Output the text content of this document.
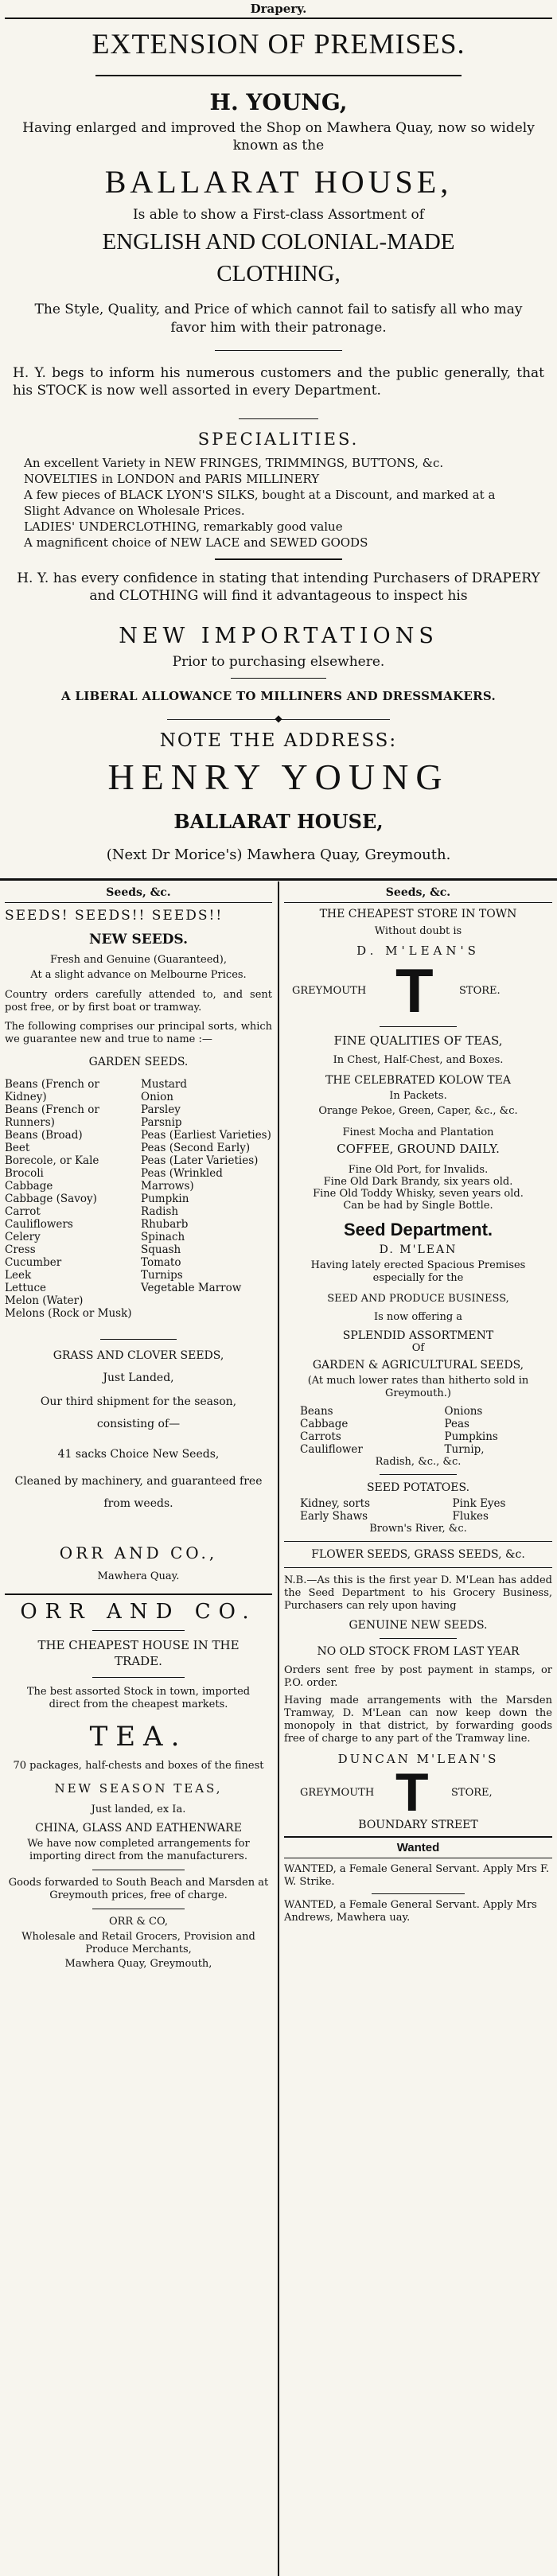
Drapery.
EXTENSION OF PREMISES.
H. YOUNG,
Having enlarged and improved the Shop on Mawhera Quay, now so widely known as the
BALLARAT HOUSE,
Is able to show a First-class Assortment of
ENGLISH AND COLONIAL-MADE
CLOTHING,
The Style, Quality, and Price of which cannot fail to satisfy all who may favor him with their patronage.
H. Y. begs to inform his numerous customers and the public generally, that his STOCK is now well assorted in every Department.
SPECIALITIES.
An excellent Variety in NEW FRINGES, TRIMMINGS, BUTTONS, &c.
NOVELTIES in LONDON and PARIS MILLINERY
A few pieces of BLACK LYON'S SILKS, bought at a Discount, and marked at a Slight Advance on Wholesale Prices.
LADIES' UNDERCLOTHING, remarkably good value
A magnificent choice of NEW LACE and SEWED GOODS
H. Y. has every confidence in stating that intending Purchasers of DRAPERY and CLOTHING will find it advantageous to inspect his
NEW IMPORTATIONS
Prior to purchasing elsewhere.
A LIBERAL ALLOWANCE TO MILLINERS AND DRESSMAKERS.
◆
NOTE THE ADDRESS:
HENRY YOUNG
BALLARAT HOUSE,
(Next Dr Morice's) Mawhera Quay, Greymouth.
Seeds, &c.
SEEDS! SEEDS!! SEEDS!!
NEW SEEDS.
Fresh and Genuine (Guaranteed),
At a slight advance on Melbourne Prices.
Country orders carefully attended to, and sent post free, or by first boat or tramway.
The following comprises our principal sorts, which we guarantee new and true to name :—
GARDEN SEEDS.
Beans (French or Kidney)
Beans (French or Runners)
Beans (Broad)
Beet
Borecole, or Kale
Brocoli
Cabbage
Cabbage (Savoy)
Carrot
Cauliflowers
Celery
Cress
Cucumber
Leek
Lettuce
Melon (Water)
Melons (Rock or Musk)
Mustard
Onion
Parsley
Parsnip
Peas (Earliest Varieties)
Peas (Second Early)
Peas (Later Varieties)
Peas (Wrinkled Marrows)
Pumpkin
Radish
Rhubarb
Spinach
Squash
Tomato
Turnips
Vegetable Marrow
GRASS AND CLOVER SEEDS,
Just Landed,
Our third shipment for the season, consisting of—
41 sacks Choice New Seeds,
Cleaned by machinery, and guaranteed free from weeds.
ORR AND CO.,
Mawhera Quay.
ORR AND CO.
THE CHEAPEST HOUSE IN THE TRADE.
The best assorted Stock in town, imported direct from the cheapest markets.
TEA.
70 packages, half-chests and boxes of the finest
NEW SEASON TEAS,
Just landed, ex Ia.
CHINA, GLASS AND EATHENWARE
We have now completed arrangements for importing direct from the manufacturers.
Goods forwarded to South Beach and Marsden at Greymouth prices, free of charge.
ORR & CO,
Wholesale and Retail Grocers, Provision and Produce Merchants,
Mawhera Quay, Greymouth,
Seeds, &c.
THE CHEAPEST STORE IN TOWN
Without doubt is
D. M'LEAN'S
GREYMOUTH T STORE.
FINE QUALITIES OF TEAS,
In Chest, Half-Chest, and Boxes.
THE CELEBRATED KOLOW TEA
In Packets.
Orange Pekoe, Green, Caper, &c., &c.
Finest Mocha and Plantation
COFFEE, GROUND DAILY.
Fine Old Port, for Invalids.
Fine Old Dark Brandy, six years old.
Fine Old Toddy Whisky, seven years old.
Can be had by Single Bottle.
Seed Department.
D. M'LEAN
Having lately erected Spacious Premises especially for the
SEED AND PRODUCE BUSINESS,
Is now offering a
SPLENDID ASSORTMENT
Of
GARDEN & AGRICULTURAL SEEDS,
(At much lower rates than hitherto sold in Greymouth.)
Beans
Cabbage
Carrots
Cauliflower
Onions
Peas
Pumpkins
Turnip,
Radish, &c., &c.
SEED POTATOES.
Kidney, sorts
Early Shaws
Pink Eyes
Flukes
Brown's River, &c.
FLOWER SEEDS, GRASS SEEDS, &c.
N.B.—As this is the first year D. M'Lean has added the Seed Department to his Grocery Business, Purchasers can rely upon having
GENUINE NEW SEEDS.
NO OLD STOCK FROM LAST YEAR
Orders sent free by post payment in stamps, or P.O. order.
Having made arrangements with the Marsden Tramway, D. M'Lean can now keep down the monopoly in that district, by forwarding goods free of charge to any part of the Tramway line.
DUNCAN M'LEAN'S
GREYMOUTH T STORE,
BOUNDARY STREET
Wanted
WANTED, a Female General Servant. Apply Mrs F. W. Strike.
WANTED, a Female General Servant. Apply Mrs Andrews, Mawhera uay.
